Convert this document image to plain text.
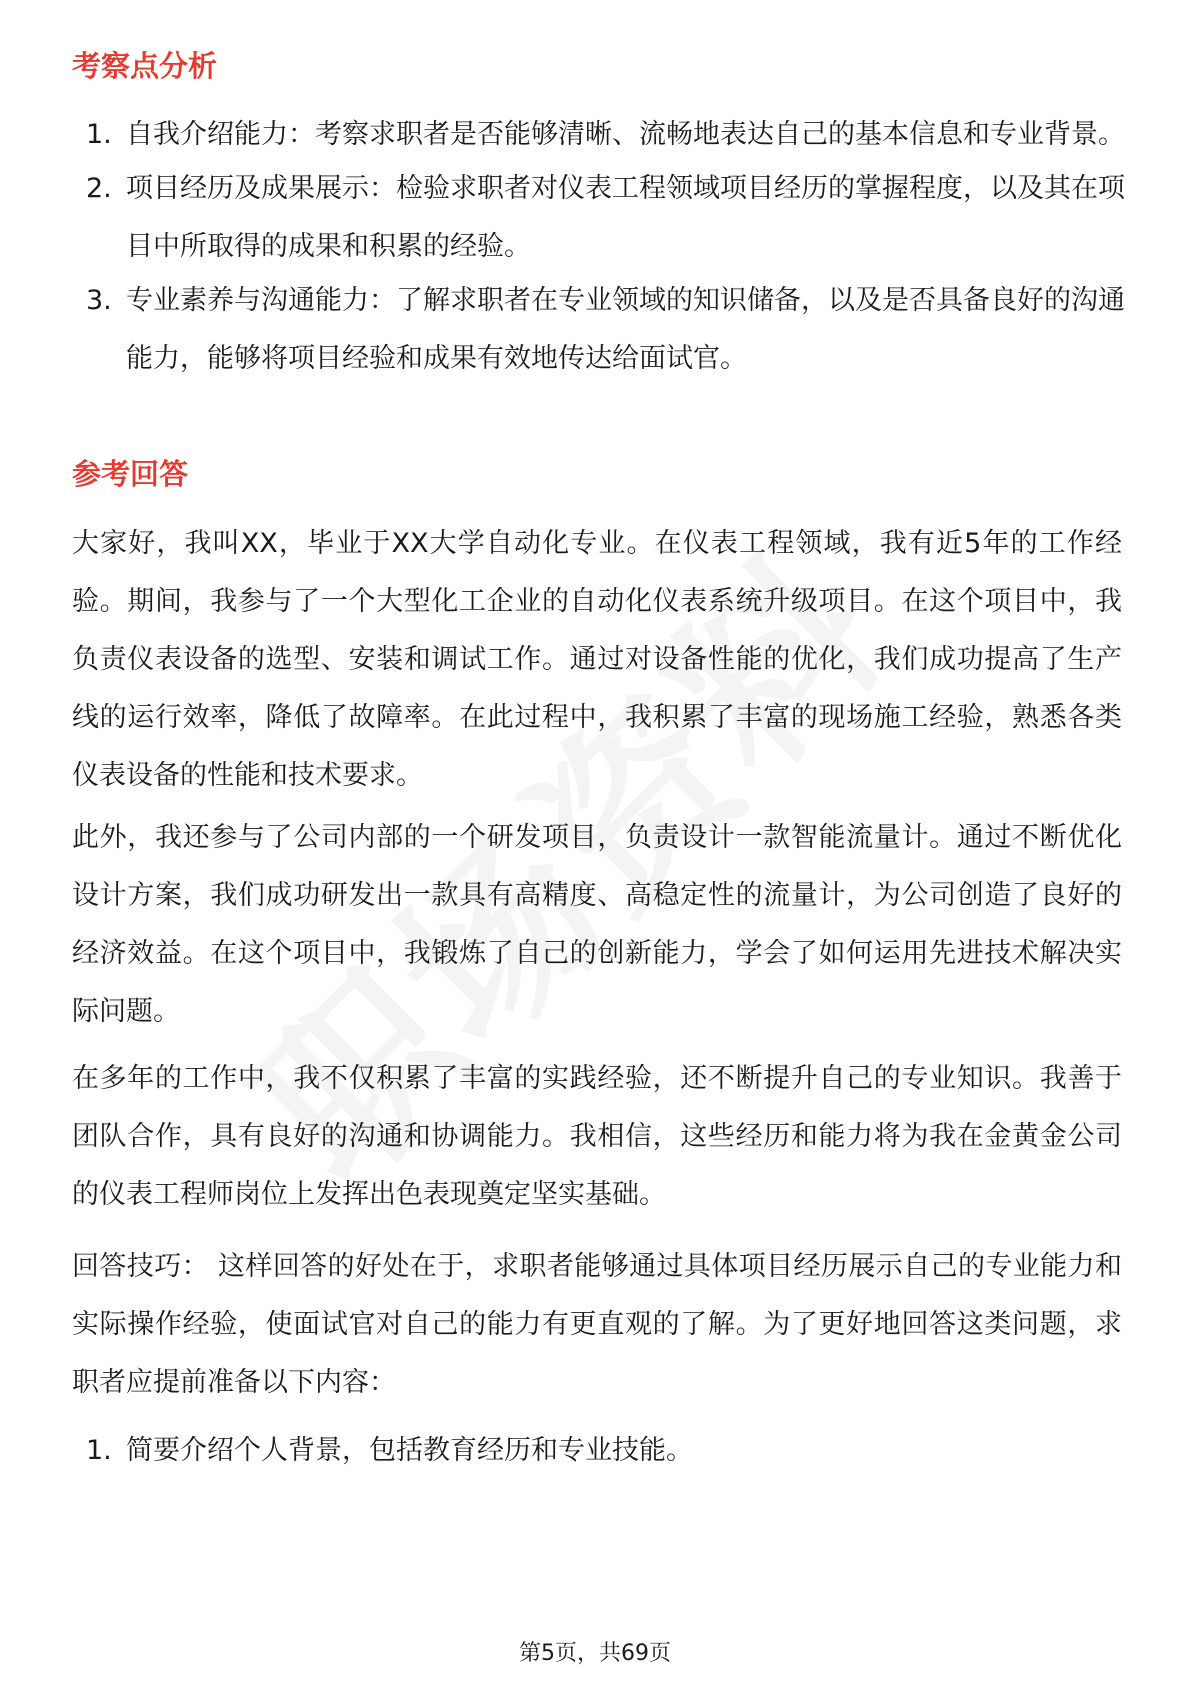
考察点分析
1. 自我介绍能力：考察求职者是否能够清晰、流畅地表达自己的基本信息和专业背景。
2. 项目经历及成果展示：检验求职者对仪表工程领域项目经历的掌握程度，以及其在项目中所取得的成果和积累的经验。
3. 专业素养与沟通能力：了解求职者在专业领域的知识储备，以及是否具备良好的沟通能力，能够将项目经验和成果有效地传达给面试官。
参考回答

大家好，我叫XX，毕业于XX大学自动化专业。在仪表工程领域，我有近5年的工作经验。期间，我参与了一个大型化工企业的自动化仪表系统升级项目。在这个项目中，我负责仪表设备的选型、安装和调试工作。通过对设备性能的优化，我们成功提高了生产线的运行效率，降低了故障率。在此过程中，我积累了丰富的现场施工经验，熟悉各类仪表设备的性能和技术要求。

此外，我还参与了公司内部的一个研发项目，负责设计一款智能流量计。通过不断优化设计方案，我们成功研发出一款具有高精度、高稳定性的流量计，为公司创造了良好的经济效益。在这个项目中，我锻炼了自己的创新能力，学会了如何运用先进技术解决实际问题。

在多年的工作中，我不仅积累了丰富的实践经验，还不断提升自己的专业知识。我善于团队合作，具有良好的沟通和协调能力。我相信，这些经历和能力将为我在金黄金公司的仪表工程师岗位上发挥出色表现奠定坚实基础。

回答技巧： 这样回答的好处在于，求职者能够通过具体项目经历展示自己的专业能力和实际操作经验，使面试官对自己的能力有更直观的了解。为了更好地回答这类问题，求职者应提前准备以下内容：

1. 简要介绍个人背景，包括教育经历和专业技能。
第5页，共69页
